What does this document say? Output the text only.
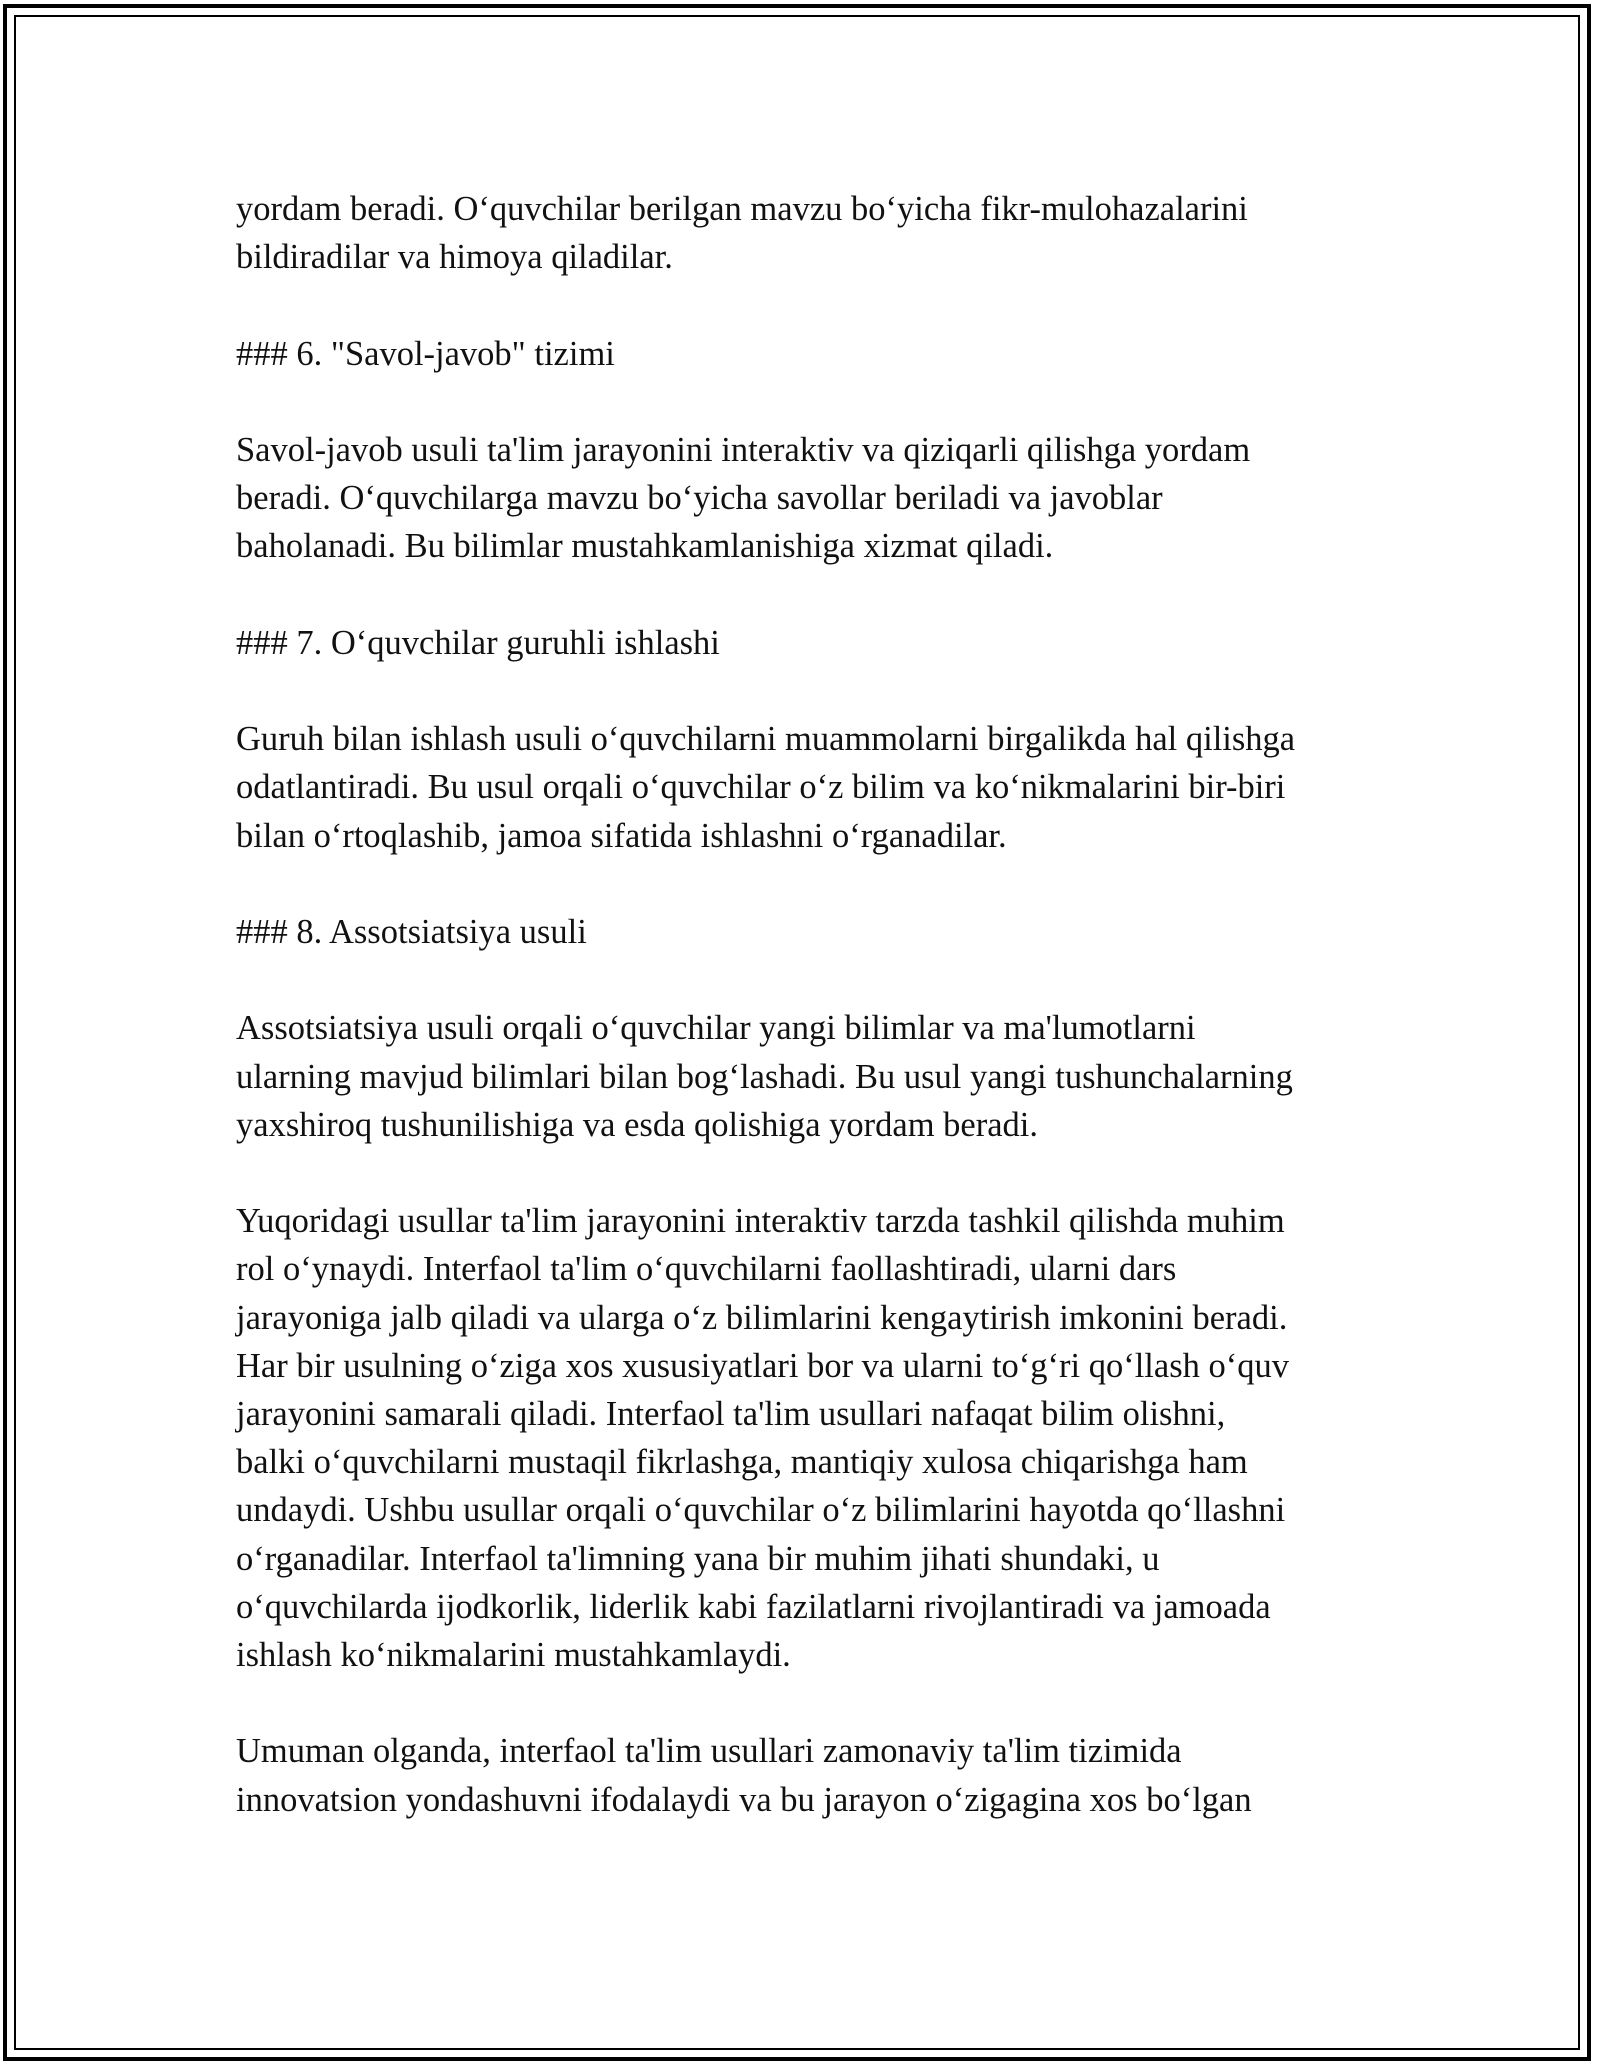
yordam beradi. O‘quvchilar berilgan mavzu bo‘yicha fikr-mulohazalarini
bildiradilar va himoya qiladilar.

### 6. "Savol-javob" tizimi

Savol-javob usuli ta'lim jarayonini interaktiv va qiziqarli qilishga yordam
beradi. O‘quvchilarga mavzu bo‘yicha savollar beriladi va javoblar
baholanadi. Bu bilimlar mustahkamlanishiga xizmat qiladi.

### 7. O‘quvchilar guruhli ishlashi

Guruh bilan ishlash usuli o‘quvchilarni muammolarni birgalikda hal qilishga
odatlantiradi. Bu usul orqali o‘quvchilar o‘z bilim va ko‘nikmalarini bir-biri
bilan o‘rtoqlashib, jamoa sifatida ishlashni o‘rganadilar.

### 8. Assotsiatsiya usuli

Assotsiatsiya usuli orqali o‘quvchilar yangi bilimlar va ma'lumotlarni
ularning mavjud bilimlari bilan bog‘lashadi. Bu usul yangi tushunchalarning
yaxshiroq tushunilishiga va esda qolishiga yordam beradi.

Yuqoridagi usullar ta'lim jarayonini interaktiv tarzda tashkil qilishda muhim
rol o‘ynaydi. Interfaol ta'lim o‘quvchilarni faollashtiradi, ularni dars
jarayoniga jalb qiladi va ularga o‘z bilimlarini kengaytirish imkonini beradi.
Har bir usulning o‘ziga xos xususiyatlari bor va ularni to‘g‘ri qo‘llash o‘quv
jarayonini samarali qiladi. Interfaol ta'lim usullari nafaqat bilim olishni,
balki o‘quvchilarni mustaqil fikrlashga, mantiqiy xulosa chiqarishga ham
undaydi. Ushbu usullar orqali o‘quvchilar o‘z bilimlarini hayotda qo‘llashni
o‘rganadilar. Interfaol ta'limning yana bir muhim jihati shundaki, u
o‘quvchilarda ijodkorlik, liderlik kabi fazilatlarni rivojlantiradi va jamoada
ishlash ko‘nikmalarini mustahkamlaydi.

Umuman olganda, interfaol ta'lim usullari zamonaviy ta'lim tizimida
innovatsion yondashuvni ifodalaydi va bu jarayon o‘zigagina xos bo‘lgan
